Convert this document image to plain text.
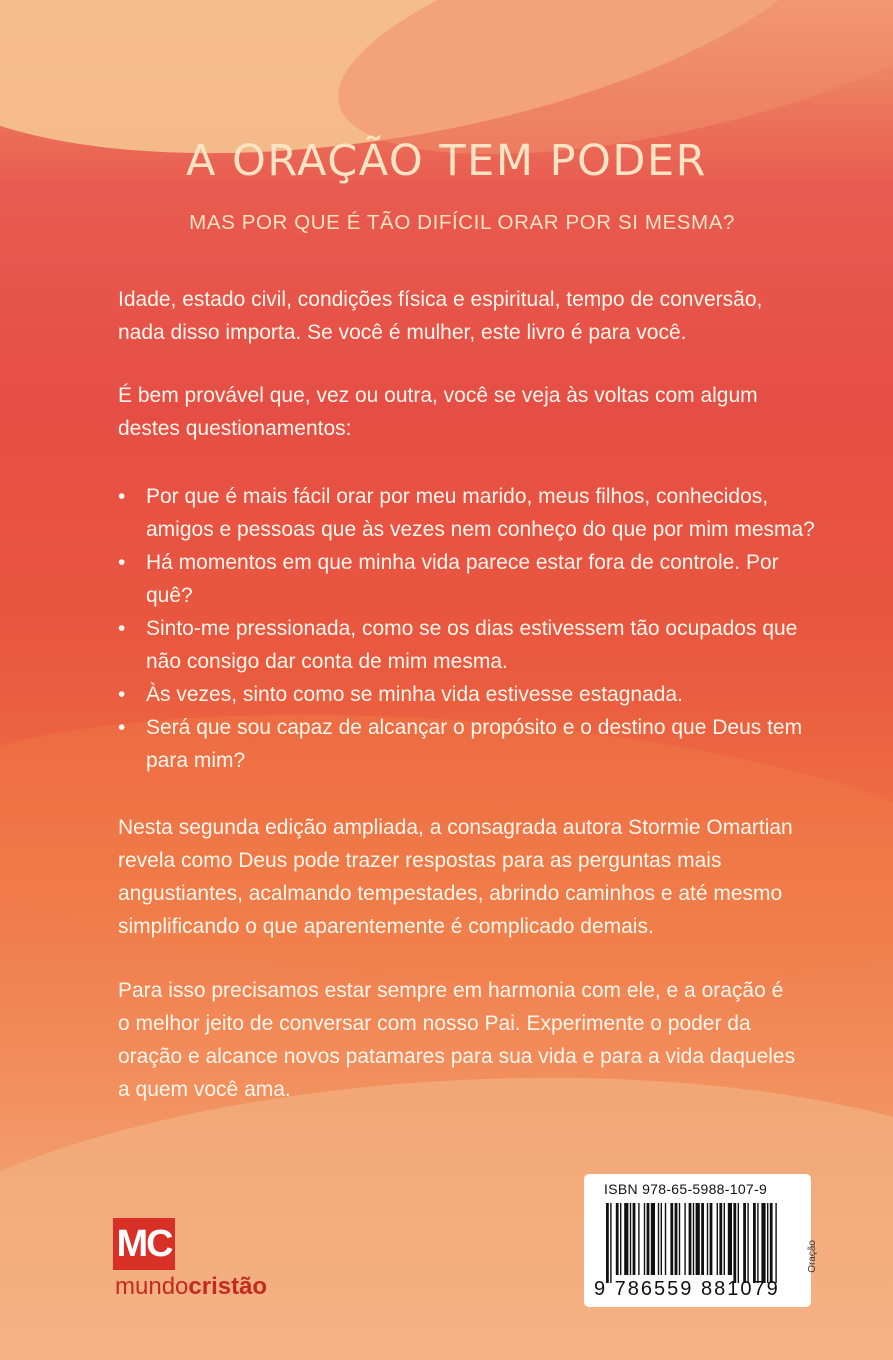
A ORAÇÃO TEM PODER

MAS POR QUE É TÃO DIFÍCIL ORAR POR SI MESMA?

Idade, estado civil, condições física e espiritual, tempo de conversão, nada disso importa. Se você é mulher, este livro é para você.

É bem provável que, vez ou outra, você se veja às voltas com algum destes questionamentos:

• Por que é mais fácil orar por meu marido, meus filhos, conhecidos, amigos e pessoas que às vezes nem conheço do que por mim mesma?
• Há momentos em que minha vida parece estar fora de controle. Por quê?
• Sinto-me pressionada, como se os dias estivessem tão ocupados que não consigo dar conta de mim mesma.
• Às vezes, sinto como se minha vida estivesse estagnada.
• Será que sou capaz de alcançar o propósito e o destino que Deus tem para mim?

Nesta segunda edição ampliada, a consagrada autora Stormie Omartian revela como Deus pode trazer respostas para as perguntas mais angustiantes, acalmando tempestades, abrindo caminhos e até mesmo simplificando o que aparentemente é complicado demais.

Para isso precisamos estar sempre em harmonia com ele, e a oração é o melhor jeito de conversar com nosso Pai. Experimente o poder da oração e alcance novos patamares para sua vida e para a vida daqueles a quem você ama.

MC
mundocristão
ISBN 978-65-5988-107-9
9 786559 881079
Oração
